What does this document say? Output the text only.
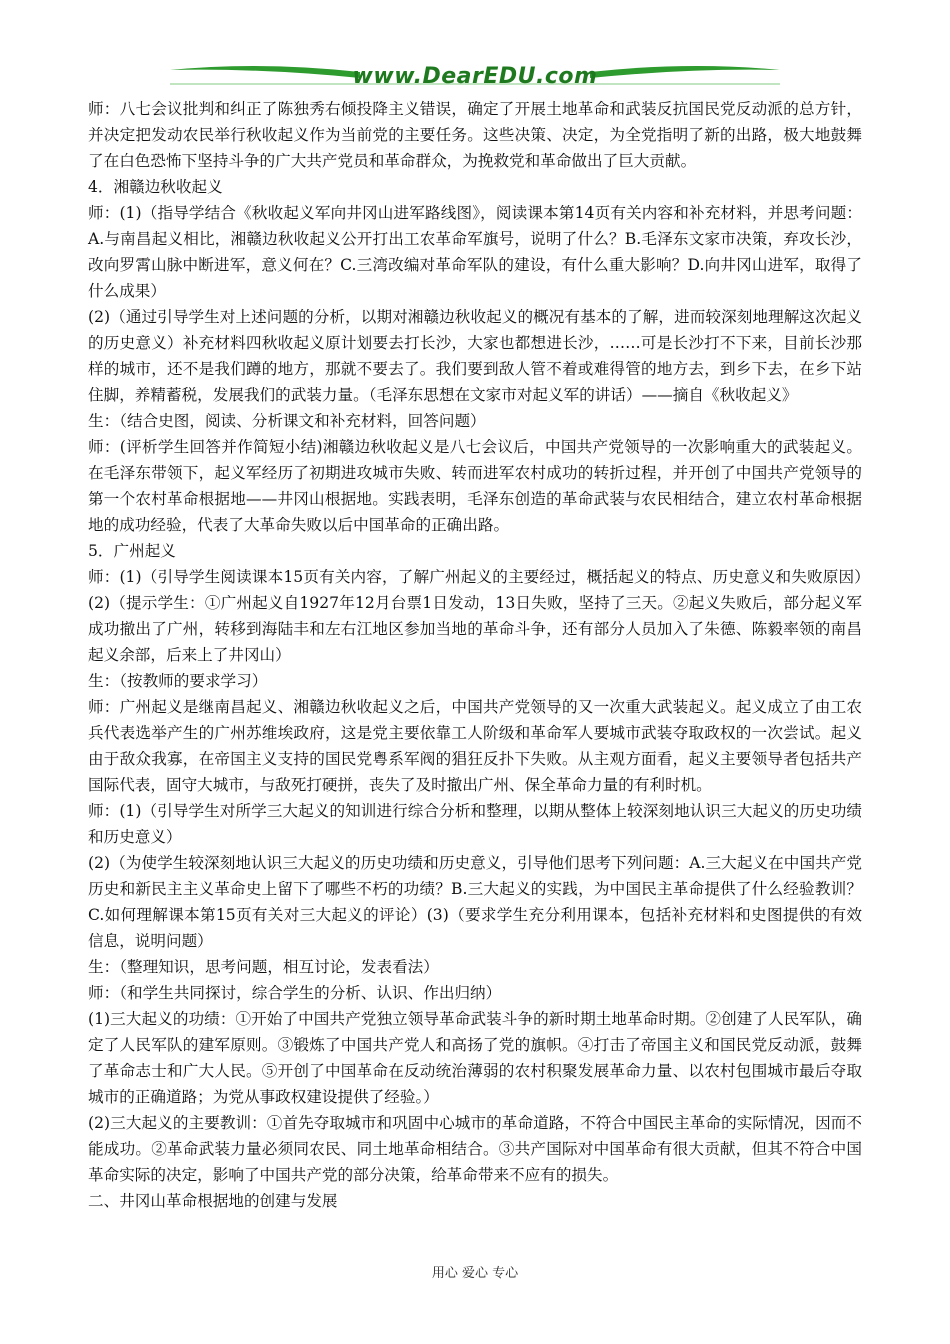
www.DearEDU.com

师：八七会议批判和纠正了陈独秀右倾投降主义错误，确定了开展土地革命和武装反抗国民党反动派的总方针，并决定把发动农民举行秋收起义作为当前党的主要任务。这些决策、决定，为全党指明了新的出路，极大地鼓舞了在白色恐怖下坚持斗争的广大共产党员和革命群众，为挽救党和革命做出了巨大贡献。

4．湘赣边秋收起义

师：(1)（指导学结合《秋收起义军向井冈山进军路线图》，阅读课本第14页有关内容和补充材料，并思考问题：A.与南昌起义相比，湘赣边秋收起义公开打出工农革命军旗号，说明了什么？B.毛泽东文家市决策，弃攻长沙，改向罗霄山脉中断进军，意义何在？C.三湾改编对革命军队的建设，有什么重大影响？D.向井冈山进军，取得了什么成果）

(2)（通过引导学生对上述问题的分析，以期对湘赣边秋收起义的概况有基本的了解，进而较深刻地理解这次起义的历史意义）补充材料四秋收起义原计划要去打长沙，大家也都想进长沙，……可是长沙打不下来，目前长沙那样的城市，还不是我们蹲的地方，那就不要去了。我们要到敌人管不着或难得管的地方去，到乡下去，在乡下站住脚，养精蓄税，发展我们的武装力量。（毛泽东思想在文家市对起义军的讲话）——摘自《秋收起义》

生：（结合史图，阅读、分析课文和补充材料，回答问题）

师：(评析学生回答并作简短小结)湘赣边秋收起义是八七会议后，中国共产党领导的一次影响重大的武装起义。在毛泽东带领下，起义军经历了初期进攻城市失败、转而进军农村成功的转折过程，并开创了中国共产党领导的第一个农村革命根据地——井冈山根据地。实践表明，毛泽东创造的革命武装与农民相结合，建立农村革命根据地的成功经验，代表了大革命失败以后中国革命的正确出路。

5．广州起义

师：(1)（引导学生阅读课本15页有关内容，了解广州起义的主要经过，概括起义的特点、历史意义和失败原因）(2)（提示学生：①广州起义自1927年12月台票1日发动，13日失败，坚持了三天。②起义失败后，部分起义军成功撤出了广州，转移到海陆丰和左右江地区参加当地的革命斗争，还有部分人员加入了朱德、陈毅率领的南昌起义余部，后来上了井冈山）

生：（按教师的要求学习）

师：广州起义是继南昌起义、湘赣边秋收起义之后，中国共产党领导的又一次重大武装起义。起义成立了由工农兵代表选举产生的广州苏维埃政府，这是党主要依靠工人阶级和革命军人要城市武装夺取政权的一次尝试。起义由于敌众我寡，在帝国主义支持的国民党粤系军阀的猖狂反扑下失败。从主观方面看，起义主要领导者包括共产国际代表，固守大城市，与敌死打硬拼，丧失了及时撤出广州、保全革命力量的有利时机。

师：(1)（引导学生对所学三大起义的知训进行综合分析和整理，以期从整体上较深刻地认识三大起义的历史功绩和历史意义）

(2)（为使学生较深刻地认识三大起义的历史功绩和历史意义，引导他们思考下列问题：A.三大起义在中国共产党历史和新民主主义革命史上留下了哪些不朽的功绩？B.三大起义的实践，为中国民主革命提供了什么经验教训？C.如何理解课本第15页有关对三大起义的评论）(3)（要求学生充分利用课本，包括补充材料和史图提供的有效信息，说明问题）

生：（整理知识，思考问题，相互讨论，发表看法）

师：（和学生共同探讨，综合学生的分析、认识、作出归纳）

(1)三大起义的功绩：①开始了中国共产党独立领导革命武装斗争的新时期土地革命时期。②创建了人民军队，确定了人民军队的建军原则。③锻炼了中国共产党人和高扬了党的旗帜。④打击了帝国主义和国民党反动派，鼓舞了革命志士和广大人民。⑤开创了中国革命在反动统治薄弱的农村积聚发展革命力量、以农村包围城市最后夺取城市的正确道路；为党从事政权建设提供了经验。）

(2)三大起义的主要教训：①首先夺取城市和巩固中心城市的革命道路，不符合中国民主革命的实际情况，因而不能成功。②革命武装力量必须同农民、同土地革命相结合。③共产国际对中国革命有很大贡献，但其不符合中国革命实际的决定，影响了中国共产党的部分决策，给革命带来不应有的损失。

二、井冈山革命根据地的创建与发展

用心 爱心 专心
